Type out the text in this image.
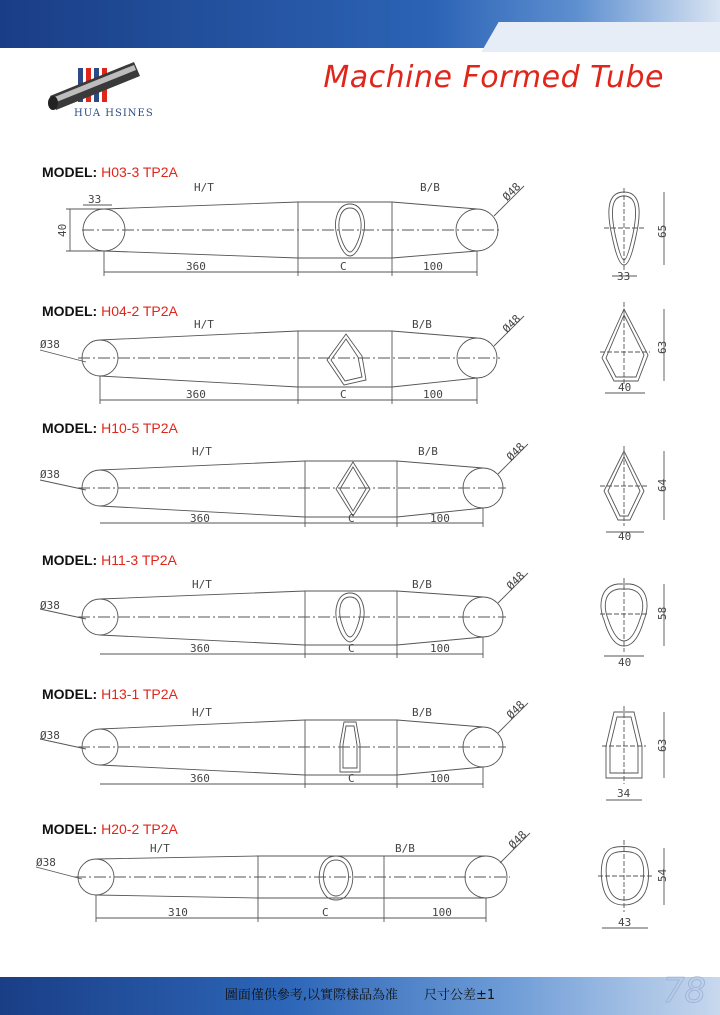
HUA HSINES
Machine Formed Tube
MODEL: H03-3 TP2A
MODEL: H04-2 TP2A
MODEL: H10-5 TP2A
MODEL: H11-3 TP2A
MODEL: H13-1 TP2A
MODEL: H20-2 TP2A
H/T	B/B
33
40
Ø48
360	C	100
65
33
H/T	B/B
Ø38
Ø48
360	C	100
63
40
H/T	B/B
Ø38
Ø48
360	C	100
64
40
H/T	B/B
Ø38
Ø48
360	C	100
58
40
H/T	B/B
Ø38
Ø48
360	C	100
63
34
H/T	B/B
Ø38
Ø48
310	C	100
54
43
圖面僅供參考,以實際樣品為准　　尺寸公差±1	78
